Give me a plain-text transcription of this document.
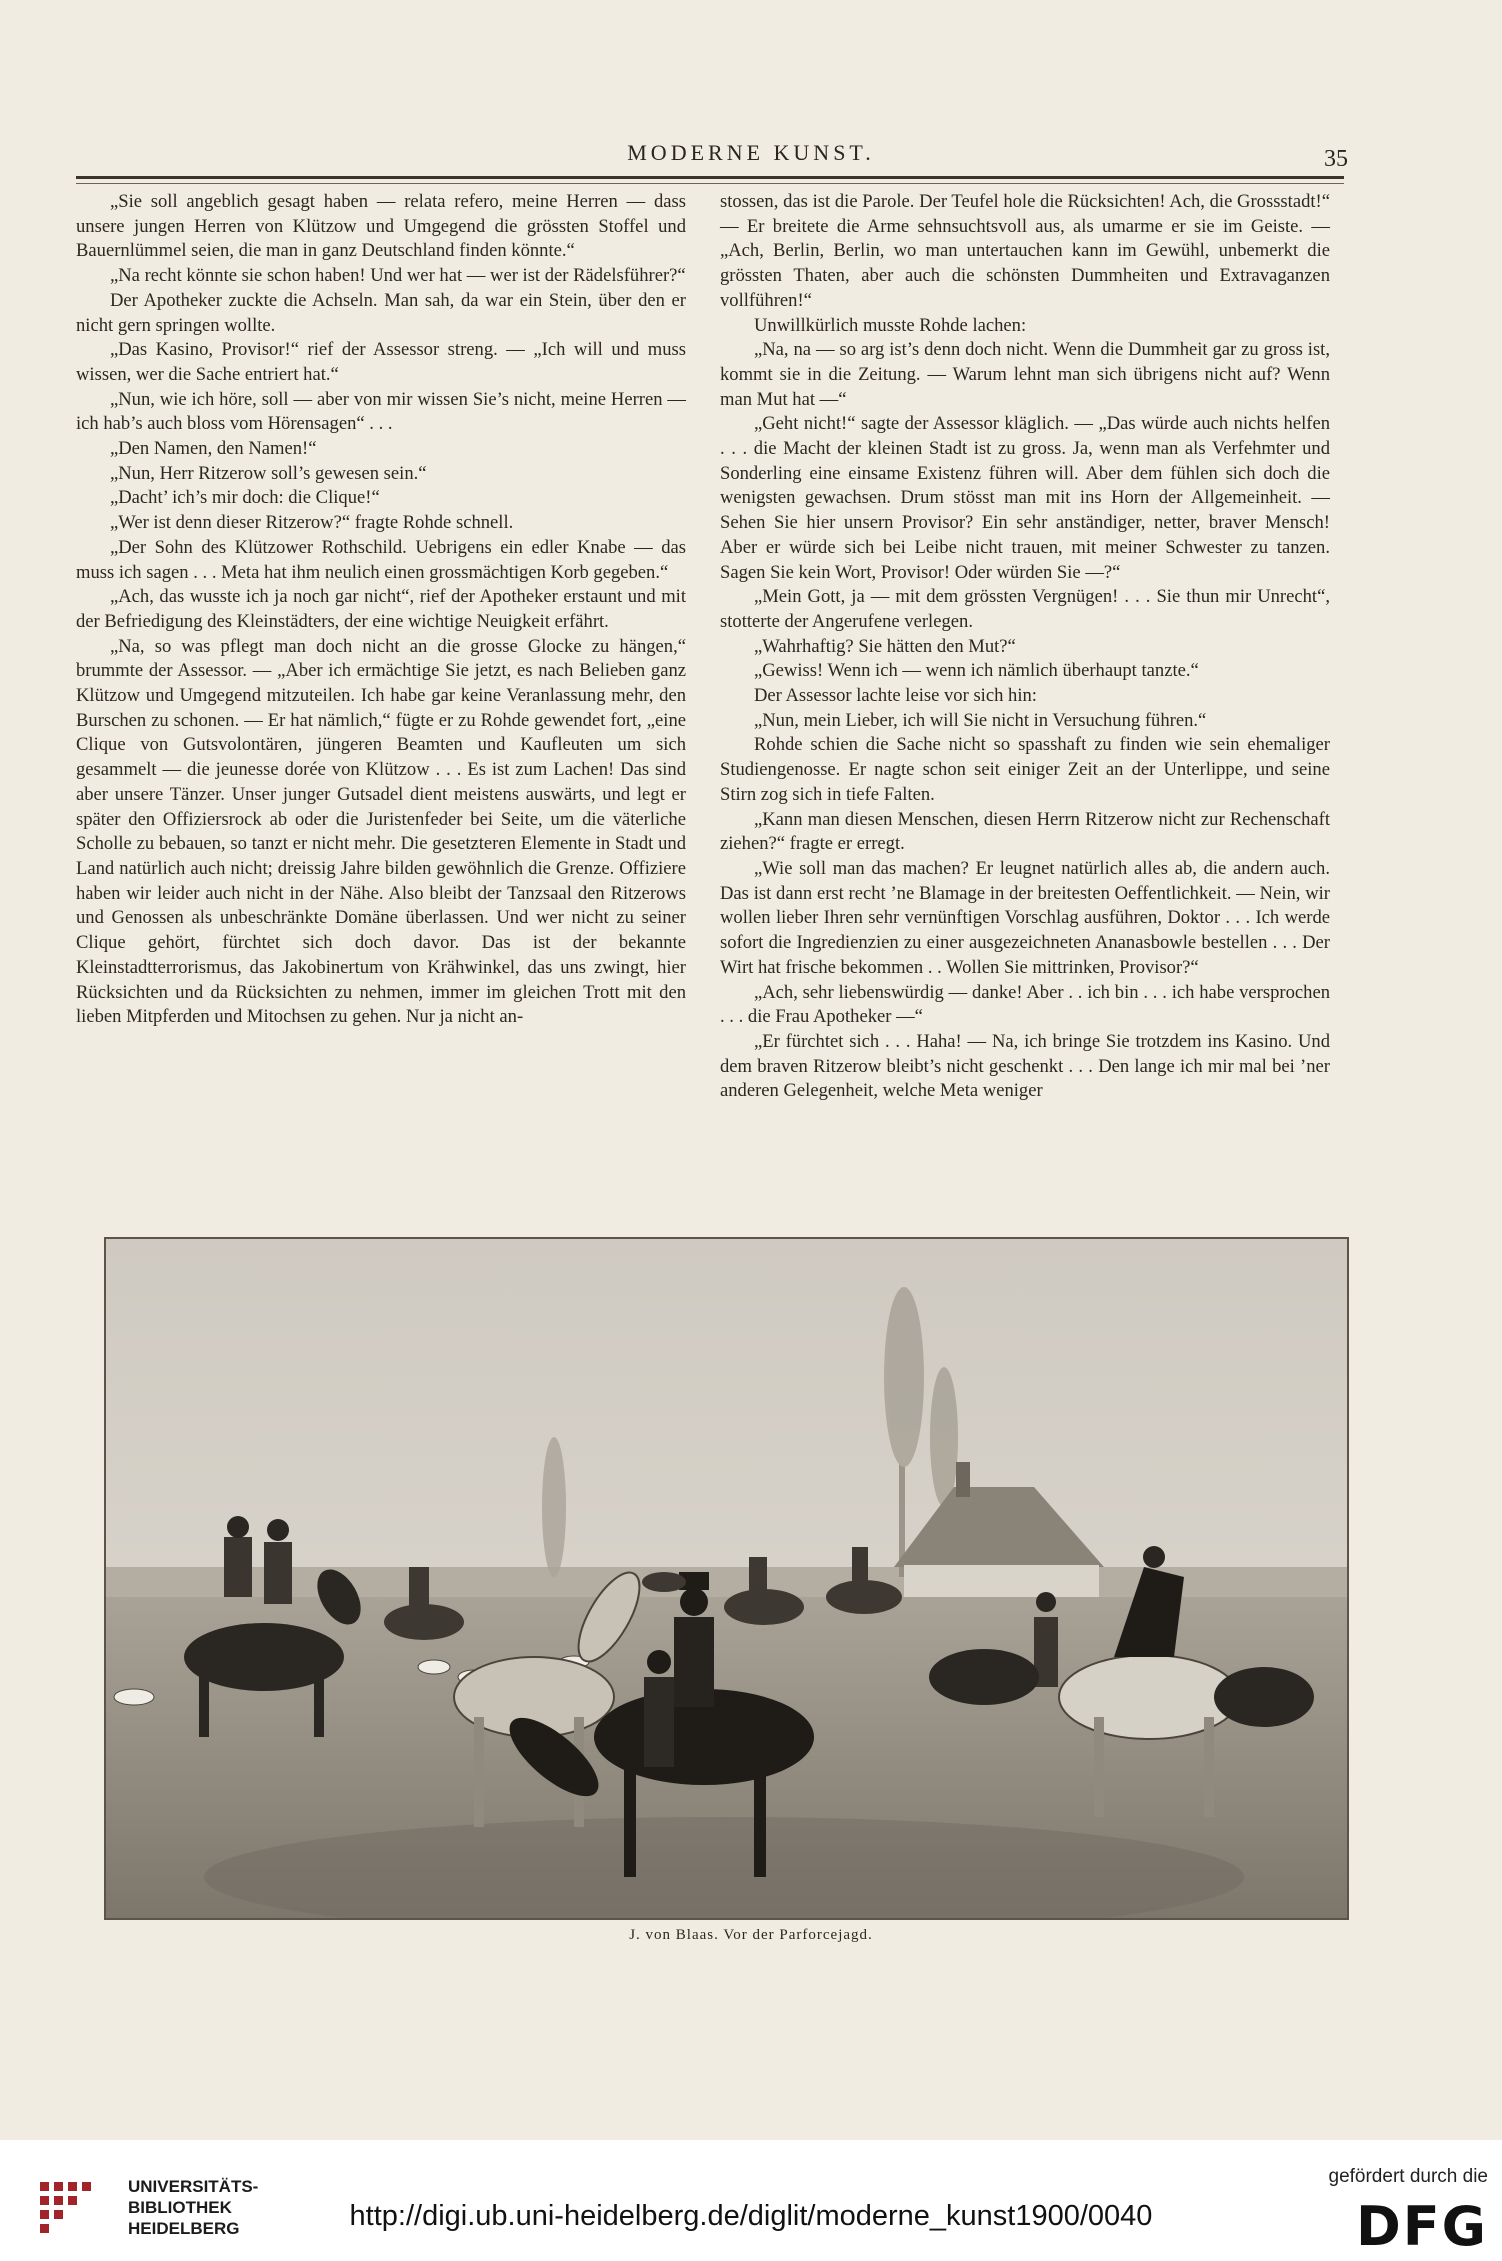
MODERNE KUNST.	35

„Sie soll angeblich gesagt haben — relata refero, meine Herren — dass unsere jungen Herren von Klützow und Umgegend die grössten Stoffel und Bauernlümmel seien, die man in ganz Deutschland finden könnte.“

„Na recht könnte sie schon haben! Und wer hat — wer ist der Rädelsführer?“

Der Apotheker zuckte die Achseln. Man sah, da war ein Stein, über den er nicht gern springen wollte.

„Das Kasino, Provisor!“ rief der Assessor streng. — „Ich will und muss wissen, wer die Sache entriert hat.“

„Nun, wie ich höre, soll — aber von mir wissen Sie’s nicht, meine Herren — ich hab’s auch bloss vom Hörensagen“ . . .

„Den Namen, den Namen!“

„Nun, Herr Ritzerow soll’s gewesen sein.“

„Dacht’ ich’s mir doch: die Clique!“

„Wer ist denn dieser Ritzerow?“ fragte Rohde schnell.

„Der Sohn des Klützower Rothschild. Uebrigens ein edler Knabe — das muss ich sagen . . . Meta hat ihm neulich einen grossmächtigen Korb gegeben.“

„Ach, das wusste ich ja noch gar nicht“, rief der Apotheker erstaunt und mit der Befriedigung des Kleinstädters, der eine wichtige Neuigkeit erfährt.

„Na, so was pflegt man doch nicht an die grosse Glocke zu hängen,“ brummte der Assessor. — „Aber ich ermächtige Sie jetzt, es nach Belieben ganz Klützow und Umgegend mitzuteilen. Ich habe gar keine Veranlassung mehr, den Burschen zu schonen. — Er hat nämlich,“ fügte er zu Rohde gewendet fort, „eine Clique von Gutsvolontären, jüngeren Beamten und Kaufleuten um sich gesammelt — die jeunesse dorée von Klützow . . . Es ist zum Lachen! Das sind aber unsere Tänzer. Unser junger Gutsadel dient meistens auswärts, und legt er später den Offiziersrock ab oder die Juristenfeder bei Seite, um die väterliche Scholle zu bebauen, so tanzt er nicht mehr. Die gesetzteren Elemente in Stadt und Land natürlich auch nicht; dreissig Jahre bilden gewöhnlich die Grenze. Offiziere haben wir leider auch nicht in der Nähe. Also bleibt der Tanzsaal den Ritzerows und Genossen als unbeschränkte Domäne überlassen. Und wer nicht zu seiner Clique gehört, fürchtet sich doch davor. Das ist der bekannte Kleinstadtterrorismus, das Jakobinertum von Krähwinkel, das uns zwingt, hier Rücksichten und da Rücksichten zu nehmen, immer im gleichen Trott mit den lieben Mitpferden und Mitochsen zu gehen. Nur ja nicht an-

stossen, das ist die Parole. Der Teufel hole die Rücksichten! Ach, die Grossstadt!“ — Er breitete die Arme sehnsuchtsvoll aus, als umarme er sie im Geiste. — „Ach, Berlin, Berlin, wo man untertauchen kann im Gewühl, unbemerkt die grössten Thaten, aber auch die schönsten Dummheiten und Extravaganzen vollführen!“

Unwillkürlich musste Rohde lachen:

„Na, na — so arg ist’s denn doch nicht. Wenn die Dummheit gar zu gross ist, kommt sie in die Zeitung. — Warum lehnt man sich übrigens nicht auf? Wenn man Mut hat —“

„Geht nicht!“ sagte der Assessor kläglich. — „Das würde auch nichts helfen . . . die Macht der kleinen Stadt ist zu gross. Ja, wenn man als Verfehmter und Sonderling eine einsame Existenz führen will. Aber dem fühlen sich doch die wenigsten gewachsen. Drum stösst man mit ins Horn der Allgemeinheit. — Sehen Sie hier unsern Provisor? Ein sehr anständiger, netter, braver Mensch! Aber er würde sich bei Leibe nicht trauen, mit meiner Schwester zu tanzen. Sagen Sie kein Wort, Provisor! Oder würden Sie —?“

„Mein Gott, ja — mit dem grössten Vergnügen! . . . Sie thun mir Unrecht“, stotterte der Angerufene verlegen.

„Wahrhaftig? Sie hätten den Mut?“

„Gewiss! Wenn ich — wenn ich nämlich überhaupt tanzte.“

Der Assessor lachte leise vor sich hin:

„Nun, mein Lieber, ich will Sie nicht in Versuchung führen.“

Rohde schien die Sache nicht so spasshaft zu finden wie sein ehemaliger Studiengenosse. Er nagte schon seit einiger Zeit an der Unterlippe, und seine Stirn zog sich in tiefe Falten.

„Kann man diesen Menschen, diesen Herrn Ritzerow nicht zur Rechenschaft ziehen?“ fragte er erregt.

„Wie soll man das machen? Er leugnet natürlich alles ab, die andern auch. Das ist dann erst recht ’ne Blamage in der breitesten Oeffentlichkeit. — Nein, wir wollen lieber Ihren sehr vernünftigen Vorschlag ausführen, Doktor . . . Ich werde sofort die Ingredienzien zu einer ausgezeichneten Ananasbowle bestellen . . . Der Wirt hat frische bekommen . . Wollen Sie mittrinken, Provisor?“

„Ach, sehr liebenswürdig — danke! Aber . . ich bin . . . ich habe versprochen . . . die Frau Apotheker —“

„Er fürchtet sich . . . Haha! — Na, ich bringe Sie trotzdem ins Kasino. Und dem braven Ritzerow bleibt’s nicht geschenkt . . . Den lange ich mir mal bei ’ner anderen Gelegenheit, welche Meta weniger

J. von Blaas. Vor der Parforcejagd.
UNIVERSITÄTS-
BIBLIOTHEK
HEIDELBERG	http://digi.ub.uni-heidelberg.de/diglit/moderne_kunst1900/0040
gefördert durch die
DFG
